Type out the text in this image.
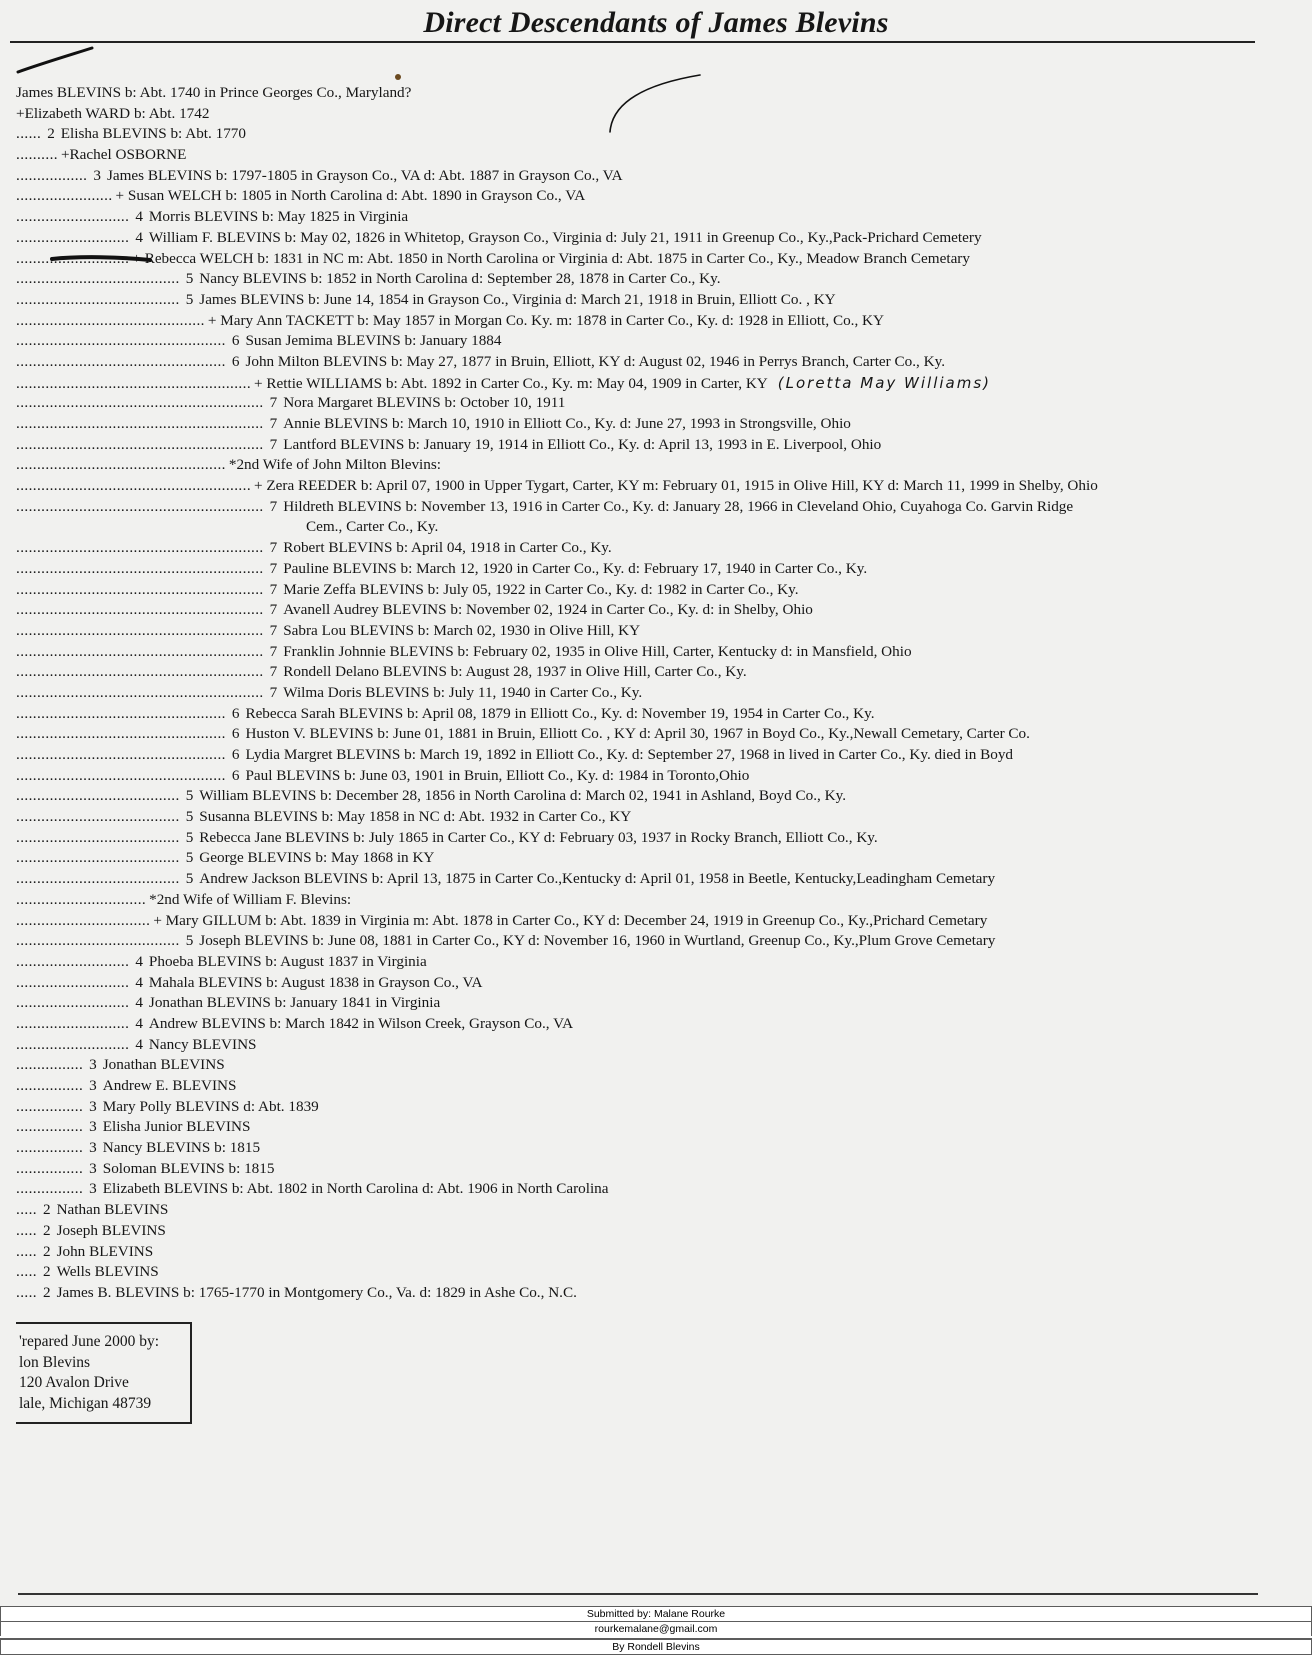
Direct Descendants of James Blevins
James BLEVINS b: Abt. 1740 in Prince Georges Co., Maryland?
+Elizabeth WARD b: Abt. 1742
...... 2 Elisha BLEVINS b: Abt. 1770
.......... +Rachel OSBORNE
................. 3 James BLEVINS b: 1797-1805 in Grayson Co., VA d: Abt. 1887 in Grayson Co., VA
....................... + Susan WELCH b: 1805 in North Carolina d: Abt. 1890 in Grayson Co., VA
........................... 4 Morris BLEVINS b: May 1825 in Virginia
........................... 4 William F. BLEVINS b: May 02, 1826 in Whitetop, Grayson Co., Virginia d: July 21, 1911 in Greenup Co., Ky.,Pack-Prichard Cemetery
........................... + Rebecca WELCH b: 1831 in NC m: Abt. 1850 in North Carolina or Virginia d: Abt. 1875 in Carter Co., Ky., Meadow Branch Cemetary
....................................... 5 Nancy BLEVINS b: 1852 in North Carolina d: September 28, 1878 in Carter Co., Ky.
....................................... 5 James BLEVINS b: June 14, 1854 in Grayson Co., Virginia d: March 21, 1918 in Bruin, Elliott Co. , KY
............................................. + Mary Ann TACKETT b: May 1857 in Morgan Co. Ky. m: 1878 in Carter Co., Ky. d: 1928 in Elliott, Co., KY
.................................................. 6 Susan Jemima BLEVINS b: January 1884
.................................................. 6 John Milton BLEVINS b: May 27, 1877 in Bruin, Elliott, KY d: August 02, 1946 in Perrys Branch, Carter Co., Ky.
........................................................ + Rettie WILLIAMS b: Abt. 1892 in Carter Co., Ky. m: May 04, 1909 in Carter, KY (Loretta May Williams)
........................................................... 7 Nora Margaret BLEVINS b: October 10, 1911
........................................................... 7 Annie BLEVINS b: March 10, 1910 in Elliott Co., Ky. d: June 27, 1993 in Strongsville, Ohio
........................................................... 7 Lantford BLEVINS b: January 19, 1914 in Elliott Co., Ky. d: April 13, 1993 in E. Liverpool, Ohio
.................................................. *2nd Wife of John Milton Blevins:
........................................................ + Zera REEDER b: April 07, 1900 in Upper Tygart, Carter, KY m: February 01, 1915 in Olive Hill, KY d: March 11, 1999 in Shelby, Ohio
........................................................... 7 Hildreth BLEVINS b: November 13, 1916 in Carter Co., Ky. d: January 28, 1966 in Cleveland Ohio, Cuyahoga Co. Garvin Ridge
Cem., Carter Co., Ky.
........................................................... 7 Robert BLEVINS b: April 04, 1918 in Carter Co., Ky.
........................................................... 7 Pauline BLEVINS b: March 12, 1920 in Carter Co., Ky. d: February 17, 1940 in Carter Co., Ky.
........................................................... 7 Marie Zeffa BLEVINS b: July 05, 1922 in Carter Co., Ky. d: 1982 in Carter Co., Ky.
........................................................... 7 Avanell Audrey BLEVINS b: November 02, 1924 in Carter Co., Ky. d: in Shelby, Ohio
........................................................... 7 Sabra Lou BLEVINS b: March 02, 1930 in Olive Hill, KY
........................................................... 7 Franklin Johnnie BLEVINS b: February 02, 1935 in Olive Hill, Carter, Kentucky d: in Mansfield, Ohio
........................................................... 7 Rondell Delano BLEVINS b: August 28, 1937 in Olive Hill, Carter Co., Ky.
........................................................... 7 Wilma Doris BLEVINS b: July 11, 1940 in Carter Co., Ky.
.................................................. 6 Rebecca Sarah BLEVINS b: April 08, 1879 in Elliott Co., Ky. d: November 19, 1954 in Carter Co., Ky.
.................................................. 6 Huston V. BLEVINS b: June 01, 1881 in Bruin, Elliott Co. , KY d: April 30, 1967 in Boyd Co., Ky.,Newall Cemetary, Carter Co.
.................................................. 6 Lydia Margret BLEVINS b: March 19, 1892 in Elliott Co., Ky. d: September 27, 1968 in lived in Carter Co., Ky. died in Boyd
.................................................. 6 Paul BLEVINS b: June 03, 1901 in Bruin, Elliott Co., Ky. d: 1984 in Toronto,Ohio
....................................... 5 William BLEVINS b: December 28, 1856 in North Carolina d: March 02, 1941 in Ashland, Boyd Co., Ky.
....................................... 5 Susanna BLEVINS b: May 1858 in NC d: Abt. 1932 in Carter Co., KY
....................................... 5 Rebecca Jane BLEVINS b: July 1865 in Carter Co., KY d: February 03, 1937 in Rocky Branch, Elliott Co., Ky.
....................................... 5 George BLEVINS b: May 1868 in KY
....................................... 5 Andrew Jackson BLEVINS b: April 13, 1875 in Carter Co.,Kentucky d: April 01, 1958 in Beetle, Kentucky,Leadingham Cemetary
............................... *2nd Wife of William F. Blevins:
................................ + Mary GILLUM b: Abt. 1839 in Virginia m: Abt. 1878 in Carter Co., KY d: December 24, 1919 in Greenup Co., Ky.,Prichard Cemetary
....................................... 5 Joseph BLEVINS b: June 08, 1881 in Carter Co., KY d: November 16, 1960 in Wurtland, Greenup Co., Ky.,Plum Grove Cemetary
........................... 4 Phoeba BLEVINS b: August 1837 in Virginia
........................... 4 Mahala BLEVINS b: August 1838 in Grayson Co., VA
........................... 4 Jonathan BLEVINS b: January 1841 in Virginia
........................... 4 Andrew BLEVINS b: March 1842 in Wilson Creek, Grayson Co., VA
........................... 4 Nancy BLEVINS
................ 3 Jonathan BLEVINS
................ 3 Andrew E. BLEVINS
................ 3 Mary Polly BLEVINS d: Abt. 1839
................ 3 Elisha Junior BLEVINS
................ 3 Nancy BLEVINS b: 1815
................ 3 Soloman BLEVINS b: 1815
................ 3 Elizabeth BLEVINS b: Abt. 1802 in North Carolina d: Abt. 1906 in North Carolina
..... 2 Nathan BLEVINS
..... 2 Joseph BLEVINS
..... 2 John BLEVINS
..... 2 Wells BLEVINS
..... 2 James B. BLEVINS b: 1765-1770 in Montgomery Co., Va. d: 1829 in Ashe Co., N.C.
'repared June 2000 by:
lon Blevins
120 Avalon Drive
lale, Michigan 48739
Submitted by: Malane Rourke
rourkemalane@gmail.com
By Rondell Blevins
